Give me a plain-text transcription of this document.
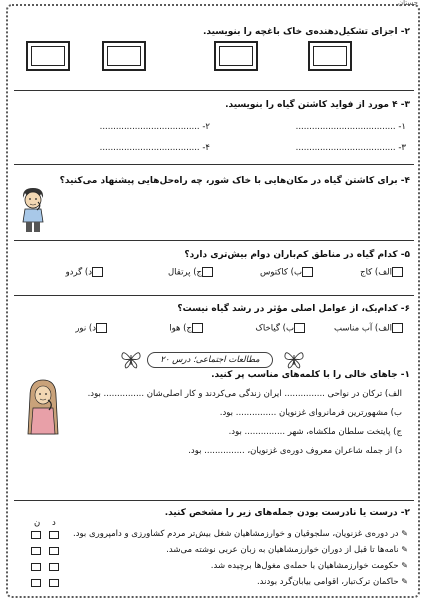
جستان
۲- اجزای تشکیل‌دهنده‌ی خاک باغچه را بنویسید.
۳- ۴ مورد از فواید کاشتن گیاه را بنویسید.
۱- .....................................
۲- .....................................
۳- .....................................
۴- .....................................
۴- برای کاشتن گیاه در مکان‌هایی با خاک شور، چه راه‌حل‌هایی پیشنهاد می‌کنید؟
۵- کدام گیاه در مناطق کم‌باران دوام بیش‌تری دارد؟
الف) کاج
ب) کاکتوس
ج) پرتقال
د) گردو
۶- کدام‌یک، از عوامل اصلی مؤثر در رشد گیاه نیست؟
الف) آب مناسب
ب) گیاخاک
ج) هوا
د) نور
مطالعات اجتماعی؛ درس ۲۰
۱- جاهای خالی را با کلمه‌های مناسب پر کنید.
الف) ترکان در نواحی ............... ایران زندگی می‌کردند و کار اصلی‌شان ............... بود.
ب) مشهورترین فرمانروای غزنویان ............... بود.
ج) پایتخت سلطان ملکشاه، شهر ............... بود.
د) از جمله شاعران معروف دوره‌ی غزنویان، ............... بود.
۲- درست یا نادرست بودن جمله‌های زیر را مشخص کنید.
د
ن
✎ در دوره‌ی غزنویان، سلجوقیان و خوارزمشاهیان شغل بیش‌تر مردم کشاورزی و دامپروری بود.
✎ نامه‌ها تا قبل از دوران خوارزمشاهیان به زبان عربی نوشته می‌شد.
✎ حکومت خوارزمشاهیان با حمله‌ی مغول‌ها برچیده شد.
✎ حاکمان ترک‌تبار، اقوامی بیابان‌گرد بودند.
